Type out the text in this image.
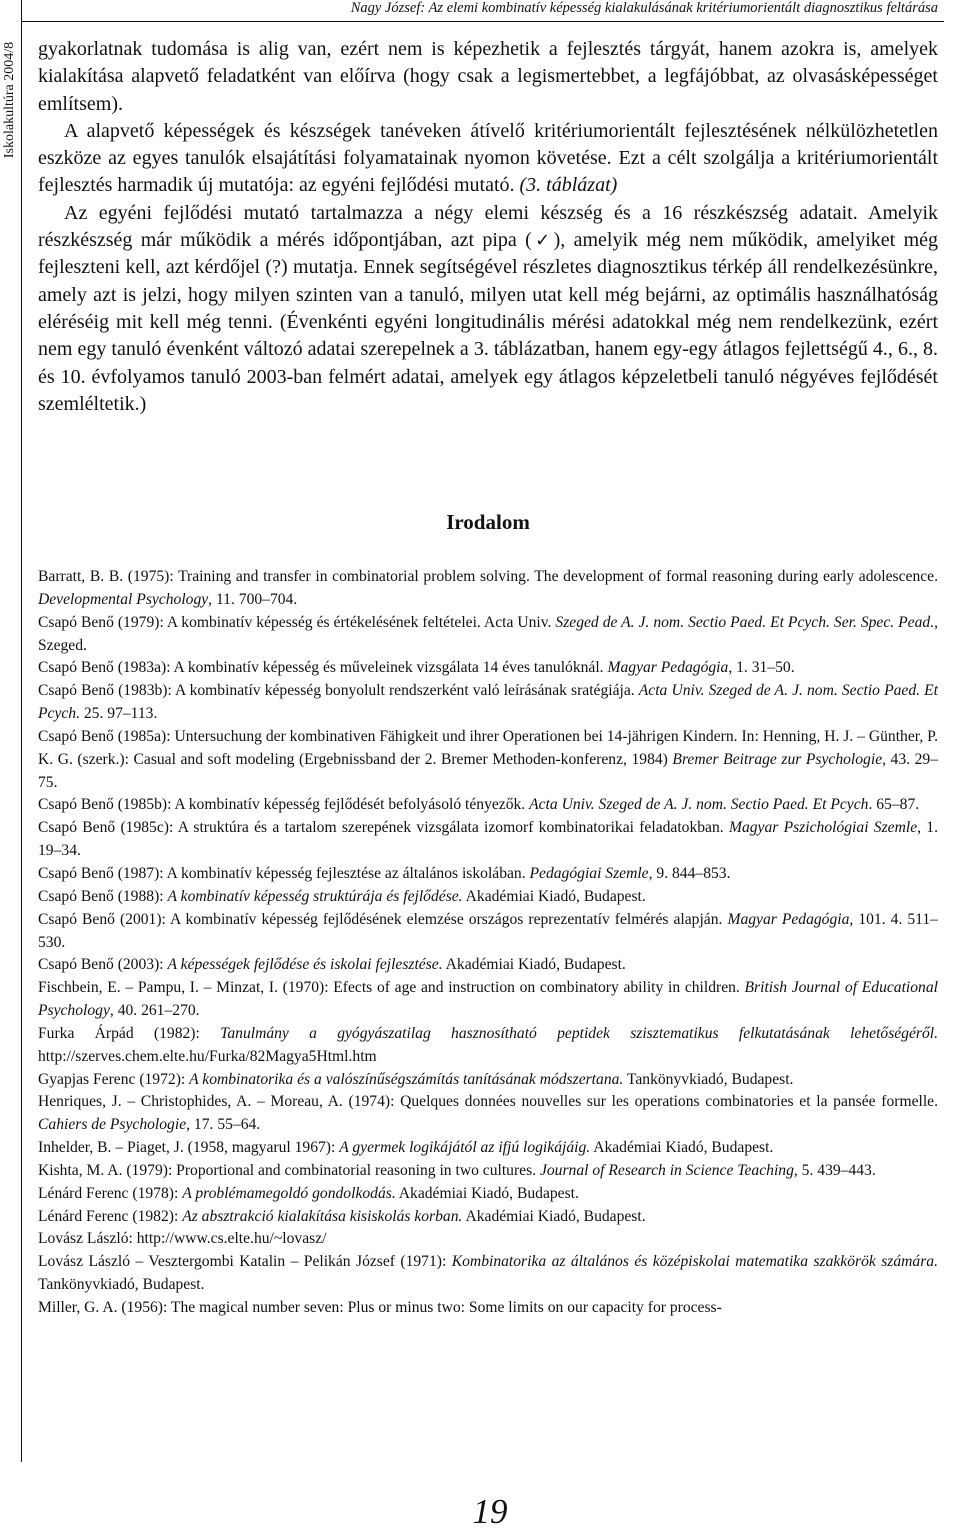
Iskolakultúra 2004/8
Nagy József: Az elemi kombinatív képesség kialakulásának kritériumorientált diagnosztikus feltárása

gyakorlatnak tudomása is alig van, ezért nem is képezhetik a fejlesztés tárgyát, hanem azokra is, amelyek kialakítása alapvető feladatként van előírva (hogy csak a legismertebbet, a legfájóbbat, az olvasásképességet említsem).

A alapvető képességek és készségek tanéveken átívelő kritériumorientált fejlesztésének nélkülözhetetlen eszköze az egyes tanulók elsajátítási folyamatainak nyomon követése. Ezt a célt szolgálja a kritériumorientált fejlesztés harmadik új mutatója: az egyéni fejlődési mutató. (3. táblázat)

Az egyéni fejlődési mutató tartalmazza a négy elemi készség és a 16 részkészség adatait. Amelyik részkészség már működik a mérés időpontjában, azt pipa (✓), amelyik még nem működik, amelyiket még fejleszteni kell, azt kérdőjel (?) mutatja. Ennek segítségével részletes diagnosztikus térkép áll rendelkezésünkre, amely azt is jelzi, hogy milyen szinten van a tanuló, milyen utat kell még bejárni, az optimális használhatóság eléréséig mit kell még tenni. (Évenkénti egyéni longitudinális mérési adatokkal még nem rendelkezünk, ezért nem egy tanuló évenként változó adatai szerepelnek a 3. táblázatban, hanem egy-egy átlagos fejlettségű 4., 6., 8. és 10. évfolyamos tanuló 2003-ban felmért adatai, amelyek egy átlagos képzeletbeli tanuló négyéves fejlődését szemléltetik.)

Irodalom
Barratt, B. B. (1975): Training and transfer in combinatorial problem solving. The development of formal reasoning during early adolescence. Developmental Psychology, 11. 700–704.
Csapó Benő (1979): A kombinatív képesség és értékelésének feltételei. Acta Univ. Szeged de A. J. nom. Sectio Paed. Et Pcych. Ser. Spec. Pead., Szeged.
Csapó Benő (1983a): A kombinatív képesség és műveleinek vizsgálata 14 éves tanulóknál. Magyar Pedagógia, 1. 31–50.
Csapó Benő (1983b): A kombinatív képesség bonyolult rendszerként való leírásának sratégiája. Acta Univ. Szeged de A. J. nom. Sectio Paed. Et Pcych. 25. 97–113.
Csapó Benő (1985a): Untersuchung der kombinativen Fähigkeit und ihrer Operationen bei 14-jährigen Kindern. In: Henning, H. J. – Günther, P. K. G. (szerk.): Casual and soft modeling (Ergebnissband der 2. Bremer Methoden-konferenz, 1984) Bremer Beitrage zur Psychologie, 43. 29–75.
Csapó Benő (1985b): A kombinatív képesség fejlődését befolyásoló tényezők. Acta Univ. Szeged de A. J. nom. Sectio Paed. Et Pcych. 65–87.
Csapó Benő (1985c): A struktúra és a tartalom szerepének vizsgálata izomorf kombinatorikai feladatokban. Magyar Pszichológiai Szemle, 1. 19–34.
Csapó Benő (1987): A kombinatív képesség fejlesztése az általános iskolában. Pedagógiai Szemle, 9. 844–853.
Csapó Benő (1988): A kombinatív képesség struktúrája és fejlődése. Akadémiai Kiadó, Budapest.
Csapó Benő (2001): A kombinatív képesség fejlődésének elemzése országos reprezentatív felmérés alapján. Magyar Pedagógia, 101. 4. 511–530.
Csapó Benő (2003): A képességek fejlődése és iskolai fejlesztése. Akadémiai Kiadó, Budapest.
Fischbein, E. – Pampu, I. – Minzat, I. (1970): Efects of age and instruction on combinatory ability in children. British Journal of Educational Psychology, 40. 261–270.
Furka Árpád (1982): Tanulmány a gyógyászatilag hasznosítható peptidek szisztematikus felkutatásának lehetőségéről. http://szerves.chem.elte.hu/Furka/82Magya5Html.htm
Gyapjas Ferenc (1972): A kombinatorika és a valószínűségszámítás tanításának módszertana. Tankönyvkiadó, Budapest.
Henriques, J. – Christophides, A. – Moreau, A. (1974): Quelques données nouvelles sur les operations combinatories et la pansée formelle. Cahiers de Psychologie, 17. 55–64.
Inhelder, B. – Piaget, J. (1958, magyarul 1967): A gyermek logikájától az ifjú logikájáig. Akadémiai Kiadó, Budapest.
Kishta, M. A. (1979): Proportional and combinatorial reasoning in two cultures. Journal of Research in Science Teaching, 5. 439–443.
Lénárd Ferenc (1978): A problémamegoldó gondolkodás. Akadémiai Kiadó, Budapest.
Lénárd Ferenc (1982): Az absztrakció kialakítása kisiskolás korban. Akadémiai Kiadó, Budapest.
Lovász László: http://www.cs.elte.hu/~lovasz/
Lovász László – Vesztergombi Katalin – Pelikán József (1971): Kombinatorika az általános és középiskolai matematika szakkörök számára. Tankönyvkiadó, Budapest.
Miller, G. A. (1956): The magical number seven: Plus or minus two: Some limits on our capacity for process-
19
